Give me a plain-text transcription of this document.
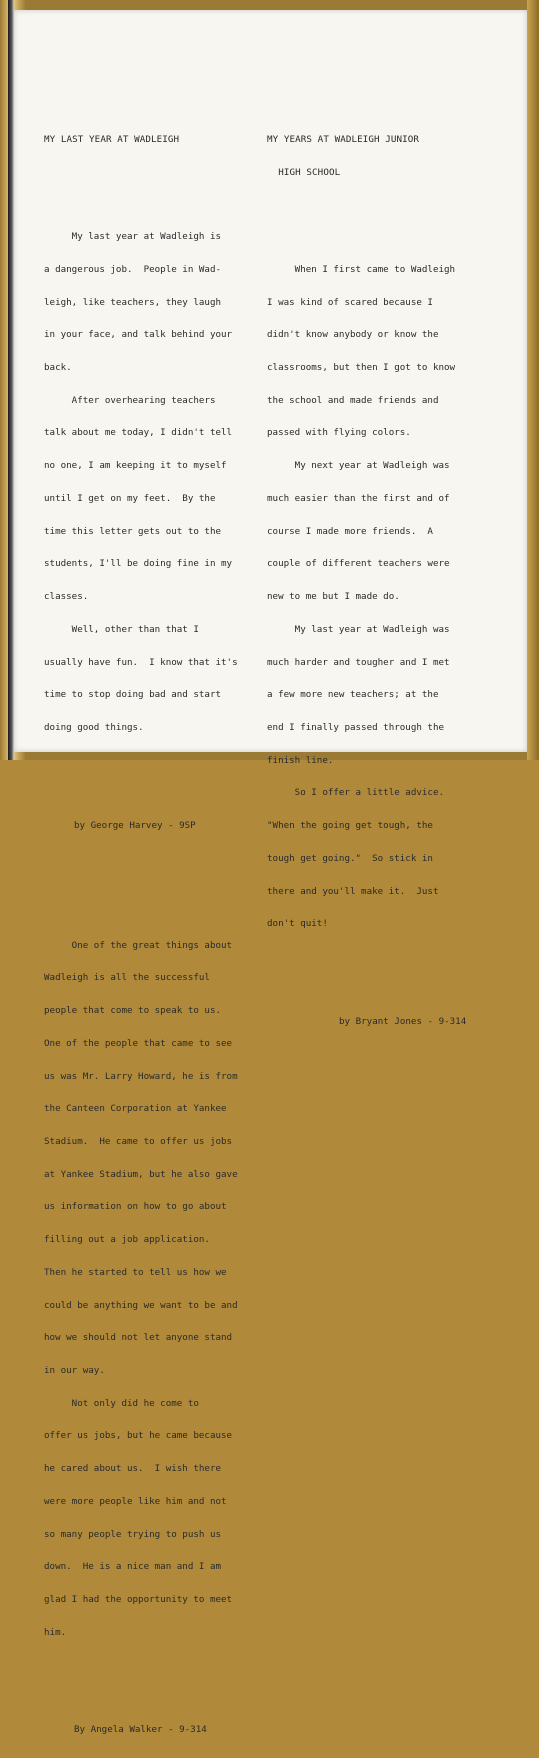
MY LAST YEAR AT WADLEIGH

My last year at Wadleigh is

a dangerous job.  People in Wad-

leigh, like teachers, they laugh

in your face, and talk behind your

back.

After overhearing teachers

talk about me today, I didn't tell

no one, I am keeping it to myself

until I get on my feet.  By the

time this letter gets out to the

students, I'll be doing fine in my

classes.

Well, other than that I

usually have fun.  I know that it's

time to stop doing bad and start

doing good things.

by George Harvey - 9SP

One of the great things about

Wadleigh is all the successful

people that come to speak to us.

One of the people that came to see

us was Mr. Larry Howard, he is from

the Canteen Corporation at Yankee

Stadium.  He came to offer us jobs

at Yankee Stadium, but he also gave

us information on how to go about

filling out a job application.

Then he started to tell us how we

could be anything we want to be and

how we should not let anyone stand

in our way.

Not only did he come to

offer us jobs, but he came because

he cared about us.  I wish there

were more people like him and not

so many people trying to push us

down.  He is a nice man and I am

glad I had the opportunity to meet

him.

By Angela Walker - 9-314

MY YEARS AT WADLEIGH JUNIOR

HIGH SCHOOL

When I first came to Wadleigh

I was kind of scared because I

didn't know anybody or know the

classrooms, but then I got to know

the school and made friends and

passed with flying colors.

My next year at Wadleigh was

much easier than the first and of

course I made more friends.  A

couple of different teachers were

new to me but I made do.

My last year at Wadleigh was

much harder and tougher and I met

a few more new teachers; at the

end I finally passed through the

finish line.

So I offer a little advice.

"When the going get tough, the

tough get going."  So stick in

there and you'll make it.  Just

don't quit!

by Bryant Jones - 9-314
